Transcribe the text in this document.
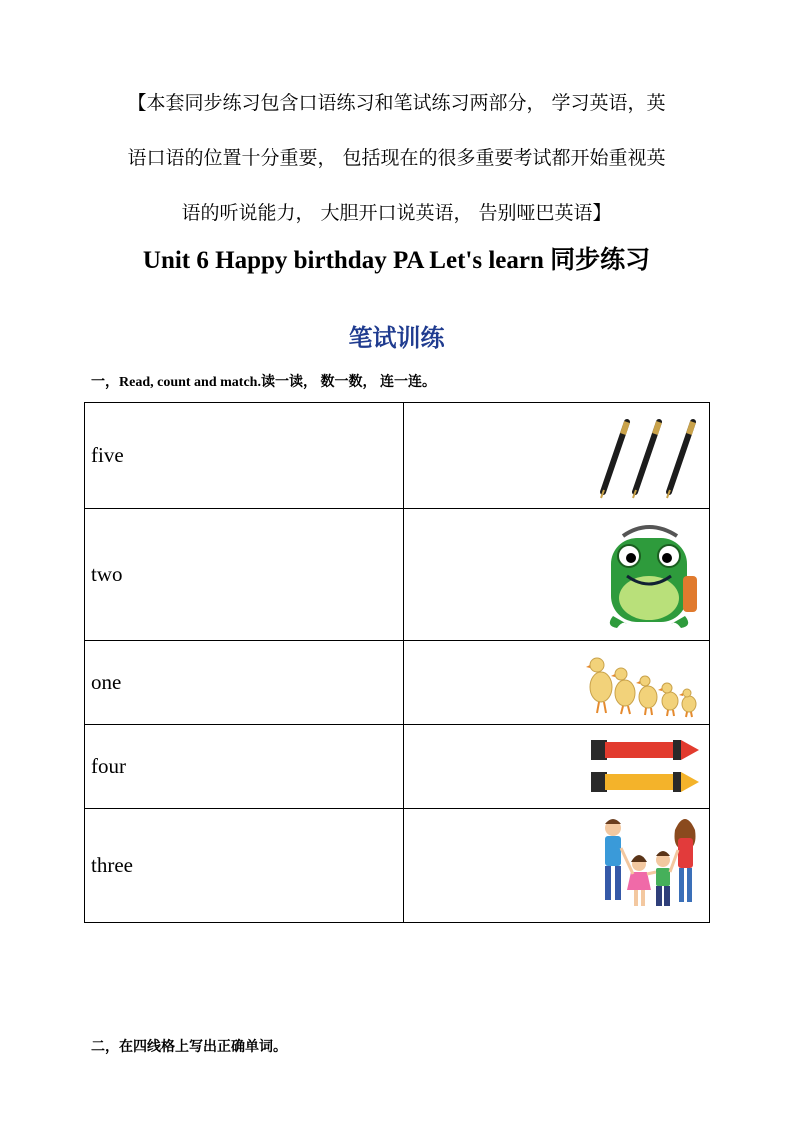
【本套同步练习包含口语练习和笔试练习两部分， 学习英语，英
语口语的位置十分重要， 包括现在的很多重要考试都开始重视英
语的听说能力， 大胆开口说英语， 告别哑巴英语】

Unit 6 Happy birthday PA Let's learn 同步练习
笔试训练

一，Read, count and match.读一读， 数一数， 连一连。

five	

two	

one	

four	

three	

二，在四线格上写出正确单词。
